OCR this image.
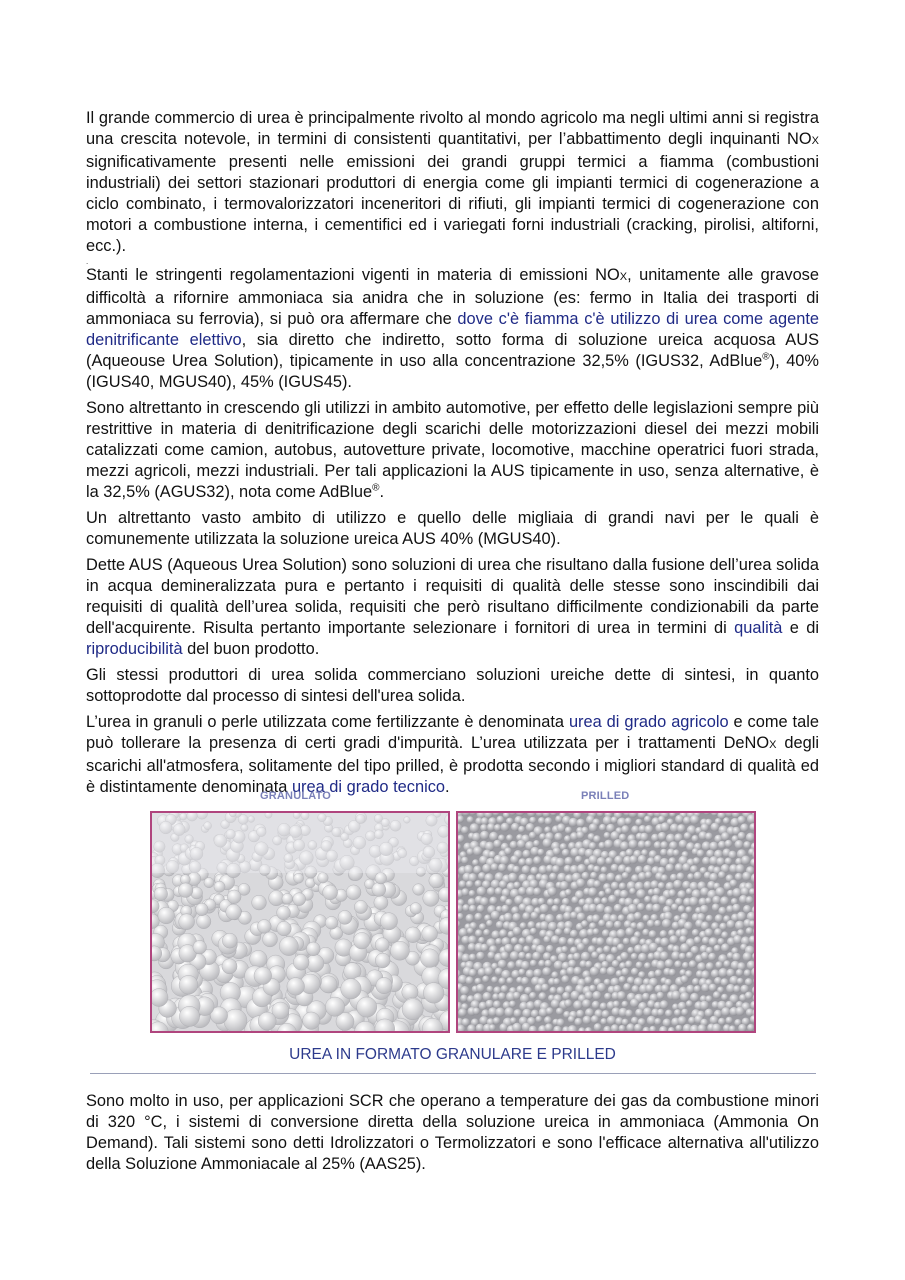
Il grande commercio di urea è principalmente rivolto al mondo agricolo ma negli ultimi anni si registra una crescita notevole, in termini di consistenti quantitativi, per l’abbattimento degli inquinanti NOX significativamente presenti nelle emissioni dei grandi gruppi termici a fiamma (combustioni industriali) dei settori stazionari produttori di energia come gli impianti termici di cogenerazione a ciclo combinato, i termovalorizzatori inceneritori di rifiuti, gli impianti termici di cogenerazione con motori a combustione interna, i cementifici ed i variegati forni industriali (cracking, pirolisi, altiforni, ecc.).

.

Stanti le stringenti regolamentazioni vigenti in materia di emissioni NOX, unitamente alle gravose difficoltà a rifornire ammoniaca sia anidra che in soluzione (es: fermo in Italia dei trasporti di ammoniaca su ferrovia), si può ora affermare che dove c'è fiamma c'è utilizzo di urea come agente denitrificante elettivo, sia diretto che indiretto, sotto forma di soluzione ureica acquosa AUS (Aqueouse Urea Solution), tipicamente in uso alla concentrazione 32,5% (IGUS32, AdBlue®), 40% (IGUS40, MGUS40), 45% (IGUS45).

Sono altrettanto in crescendo gli utilizzi in ambito automotive, per effetto delle legislazioni sempre più restrittive in materia di denitrificazione degli scarichi delle motorizzazioni diesel dei mezzi mobili catalizzati come camion, autobus, autovetture private, locomotive, macchine operatrici fuori strada, mezzi agricoli, mezzi industriali. Per tali applicazioni la AUS tipicamente in uso, senza alternative, è la 32,5% (AGUS32), nota come AdBlue®.

Un altrettanto vasto ambito di utilizzo e quello delle migliaia di grandi navi per le quali è comunemente utilizzata la soluzione ureica AUS 40% (MGUS40).

Dette AUS (Aqueous Urea Solution) sono soluzioni di urea che risultano dalla fusione dell’urea solida in acqua demineralizzata pura e pertanto i requisiti di qualità delle stesse sono inscindibili dai requisiti di qualità dell’urea solida, requisiti che però risultano difficilmente condizionabili da parte dell'acquirente. Risulta pertanto importante selezionare i fornitori di urea in termini di qualità e di riproducibilità del buon prodotto.

Gli stessi produttori di urea solida commerciano soluzioni ureiche dette di sintesi, in quanto sottoprodotte dal processo di sintesi dell'urea solida.

L’urea in granuli o perle utilizzata come fertilizzante è denominata urea di grado agricolo e come tale può tollerare la presenza di certi gradi d'impurità. L’urea utilizzata per i trattamenti DeNOX degli scarichi all'atmosfera, solitamente del tipo prilled, è prodotta secondo i migliori standard di qualità ed è distintamente denominata urea di grado tecnico.

GRANULATO	PRILLED
UREA IN FORMATO GRANULARE E PRILLED

Sono molto in uso, per applicazioni SCR che operano a temperature dei gas da combustione minori di 320 °C, i sistemi di conversione diretta della soluzione ureica in ammoniaca (Ammonia On Demand). Tali sistemi sono detti Idrolizzatori o Termolizzatori e sono l'efficace alternativa all'utilizzo della Soluzione Ammoniacale al 25% (AAS25).
